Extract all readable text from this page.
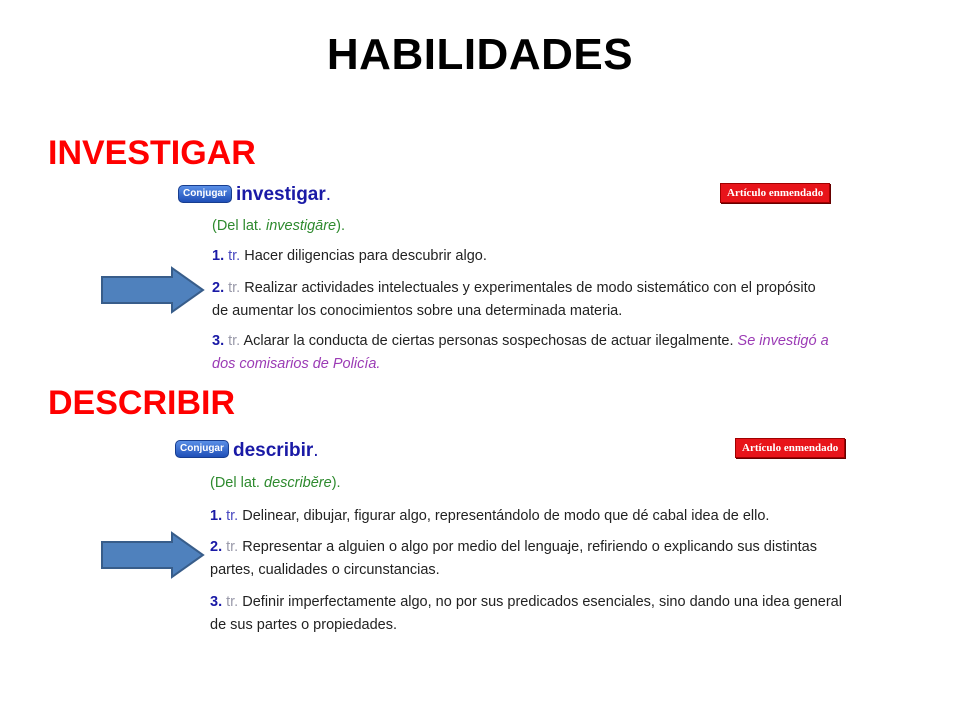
HABILIDADES
INVESTIGAR
Conjugar investigar.	Artículo enmendado
(Del lat. investigāre).
1. tr. Hacer diligencias para descubrir algo.
2. tr. Realizar actividades intelectuales y experimentales de modo sistemático con el propósito de aumentar los conocimientos sobre una determinada materia.
3. tr. Aclarar la conducta de ciertas personas sospechosas de actuar ilegalmente. Se investigó a dos comisarios de Policía.
DESCRIBIR
Conjugar describir.	Artículo enmendado
(Del lat. describĕre).
1. tr. Delinear, dibujar, figurar algo, representándolo de modo que dé cabal idea de ello.
2. tr. Representar a alguien o algo por medio del lenguaje, refiriendo o explicando sus distintas partes, cualidades o circunstancias.
3. tr. Definir imperfectamente algo, no por sus predicados esenciales, sino dando una idea general de sus partes o propiedades.
